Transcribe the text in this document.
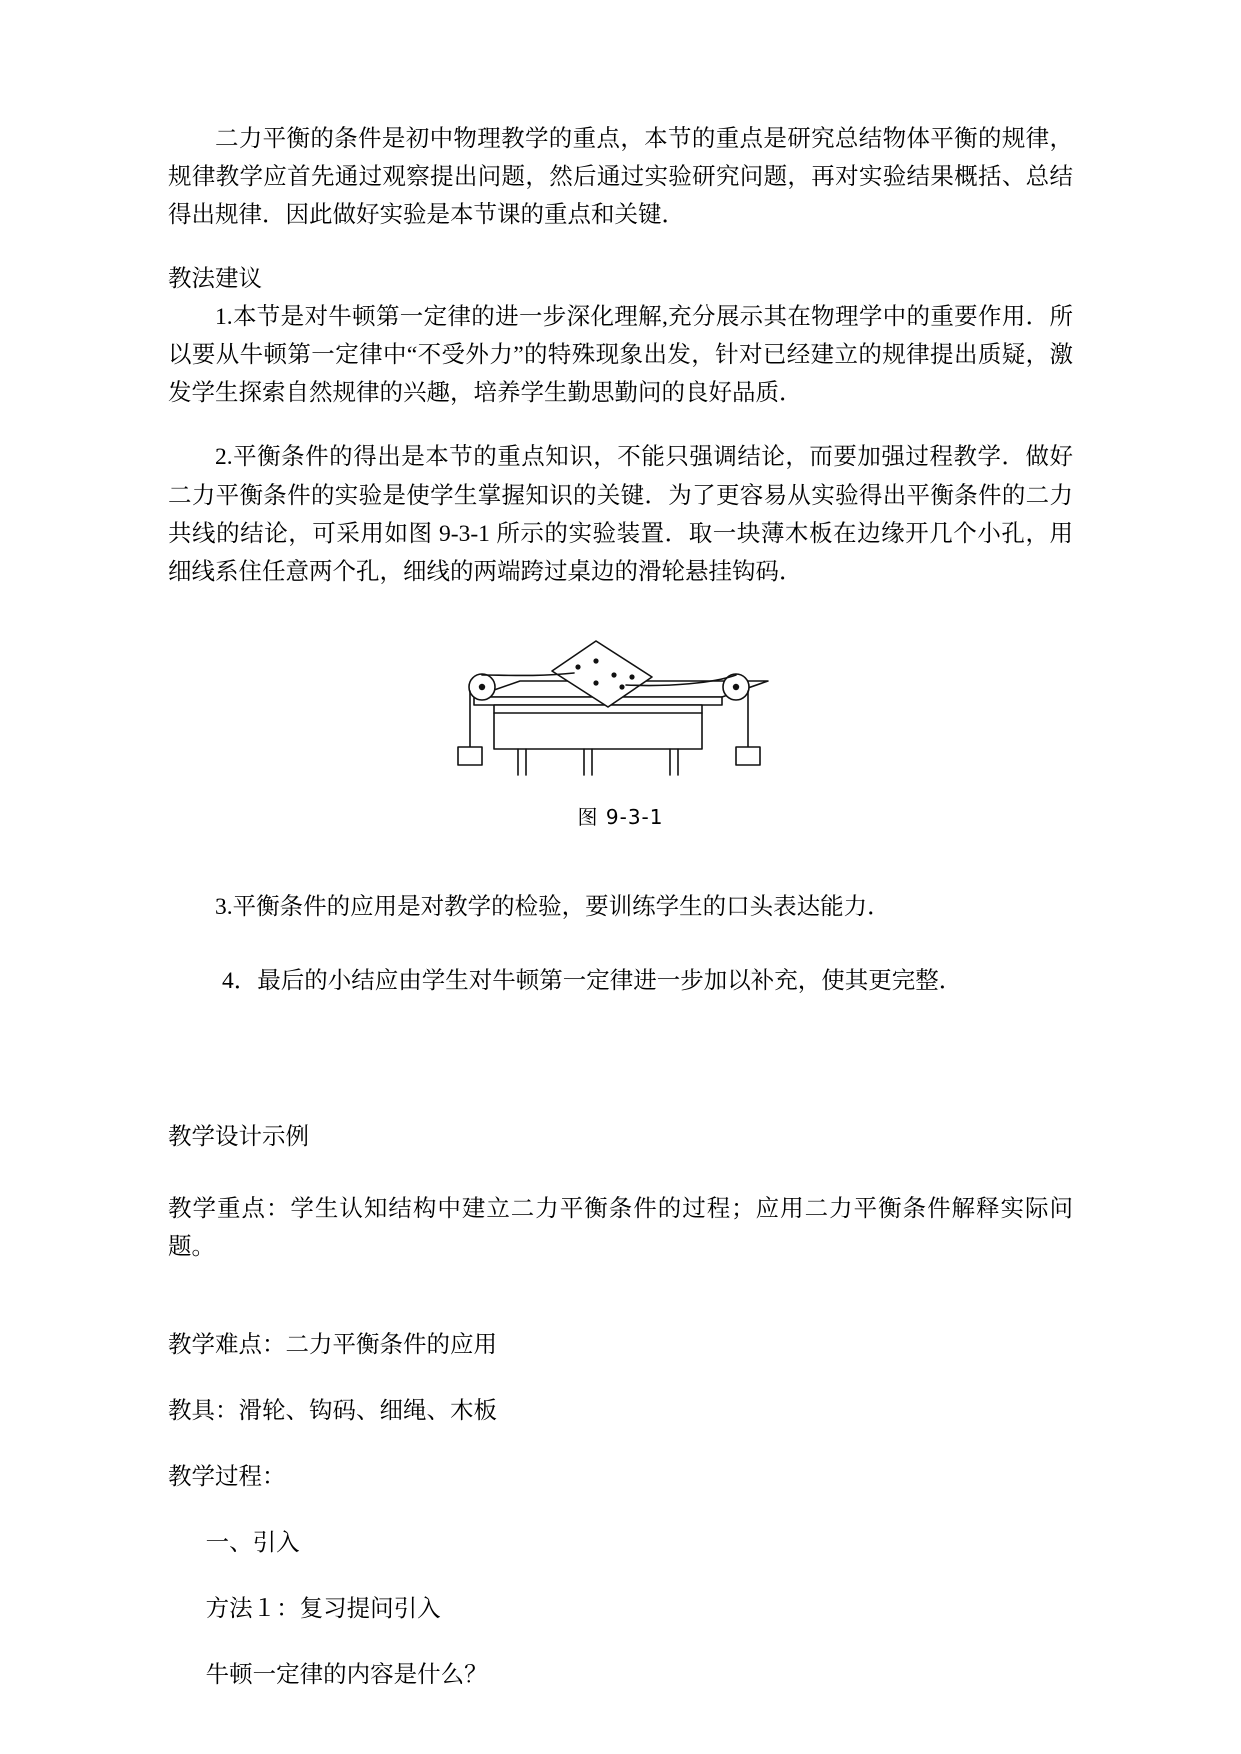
二力平衡的条件是初中物理教学的重点，本节的重点是研究总结物体平衡的规律，规律教学应首先通过观察提出问题，然后通过实验研究问题，再对实验结果概括、总结得出规律．因此做好实验是本节课的重点和关键．

教法建议

1.本节是对牛顿第一定律的进一步深化理解,充分展示其在物理学中的重要作用．所以要从牛顿第一定律中“不受外力”的特殊现象出发，针对已经建立的规律提出质疑，激发学生探索自然规律的兴趣，培养学生勤思勤问的良好品质．

2.平衡条件的得出是本节的重点知识，不能只强调结论，而要加强过程教学．做好二力平衡条件的实验是使学生掌握知识的关键．为了更容易从实验得出平衡条件的二力共线的结论，可采用如图 9-3-1 所示的实验装置．取一块薄木板在边缘开几个小孔，用细线系住任意两个孔，细线的两端跨过桌边的滑轮悬挂钩码．

图 9-3-1

3.平衡条件的应用是对教学的检验，要训练学生的口头表达能力．

4．最后的小结应由学生对牛顿第一定律进一步加以补充，使其更完整．

教学设计示例

教学重点：学生认知结构中建立二力平衡条件的过程；应用二力平衡条件解释实际问题。

教学难点：二力平衡条件的应用

教具：滑轮、钩码、细绳、木板

教学过程：

一、引入

方法１：复习提问引入

牛顿一定律的内容是什么？
